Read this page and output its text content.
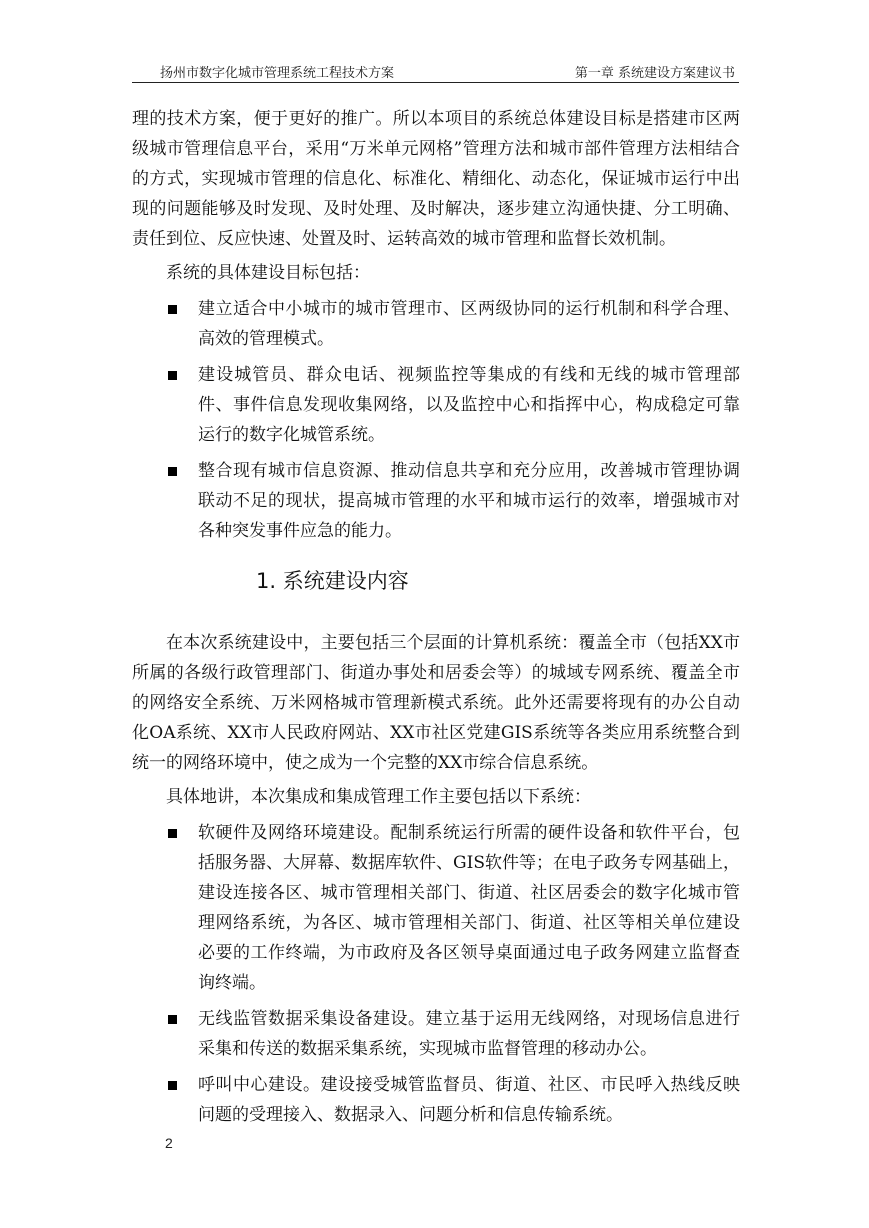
扬州市数字化城市管理系统工程技术方案	第一章 系统建设方案建议书

理的技术方案，便于更好的推广。所以本项目的系统总体建设目标是搭建市区两级城市管理信息平台，采用“万米单元网格”管理方法和城市部件管理方法相结合的方式，实现城市管理的信息化、标准化、精细化、动态化，保证城市运行中出现的问题能够及时发现、及时处理、及时解决，逐步建立沟通快捷、分工明确、责任到位、反应快速、处置及时、运转高效的城市管理和监督长效机制。

系统的具体建设目标包括：

建立适合中小城市的城市管理市、区两级协同的运行机制和科学合理、高效的管理模式。
建设城管员、群众电话、视频监控等集成的有线和无线的城市管理部件、事件信息发现收集网络，以及监控中心和指挥中心，构成稳定可靠运行的数字化城管系统。
整合现有城市信息资源、推动信息共享和充分应用，改善城市管理协调联动不足的现状，提高城市管理的水平和城市运行的效率，增强城市对各种突发事件应急的能力。
1. 系统建设内容

在本次系统建设中，主要包括三个层面的计算机系统：覆盖全市（包括XX市所属的各级行政管理部门、街道办事处和居委会等）的城域专网系统、覆盖全市的网络安全系统、万米网格城市管理新模式系统。此外还需要将现有的办公自动化OA系统、XX市人民政府网站、XX市社区党建GIS系统等各类应用系统整合到统一的网络环境中，使之成为一个完整的XX市综合信息系统。

具体地讲，本次集成和集成管理工作主要包括以下系统：

软硬件及网络环境建设。配制系统运行所需的硬件设备和软件平台，包括服务器、大屏幕、数据库软件、GIS软件等；在电子政务专网基础上，建设连接各区、城市管理相关部门、街道、社区居委会的数字化城市管理网络系统，为各区、城市管理相关部门、街道、社区等相关单位建设必要的工作终端，为市政府及各区领导桌面通过电子政务网建立监督查询终端。
无线监管数据采集设备建设。建立基于运用无线网络，对现场信息进行采集和传送的数据采集系统，实现城市监督管理的移动办公。
呼叫中心建设。建设接受城管监督员、街道、社区、市民呼入热线反映问题的受理接入、数据录入、问题分析和信息传输系统。
2
